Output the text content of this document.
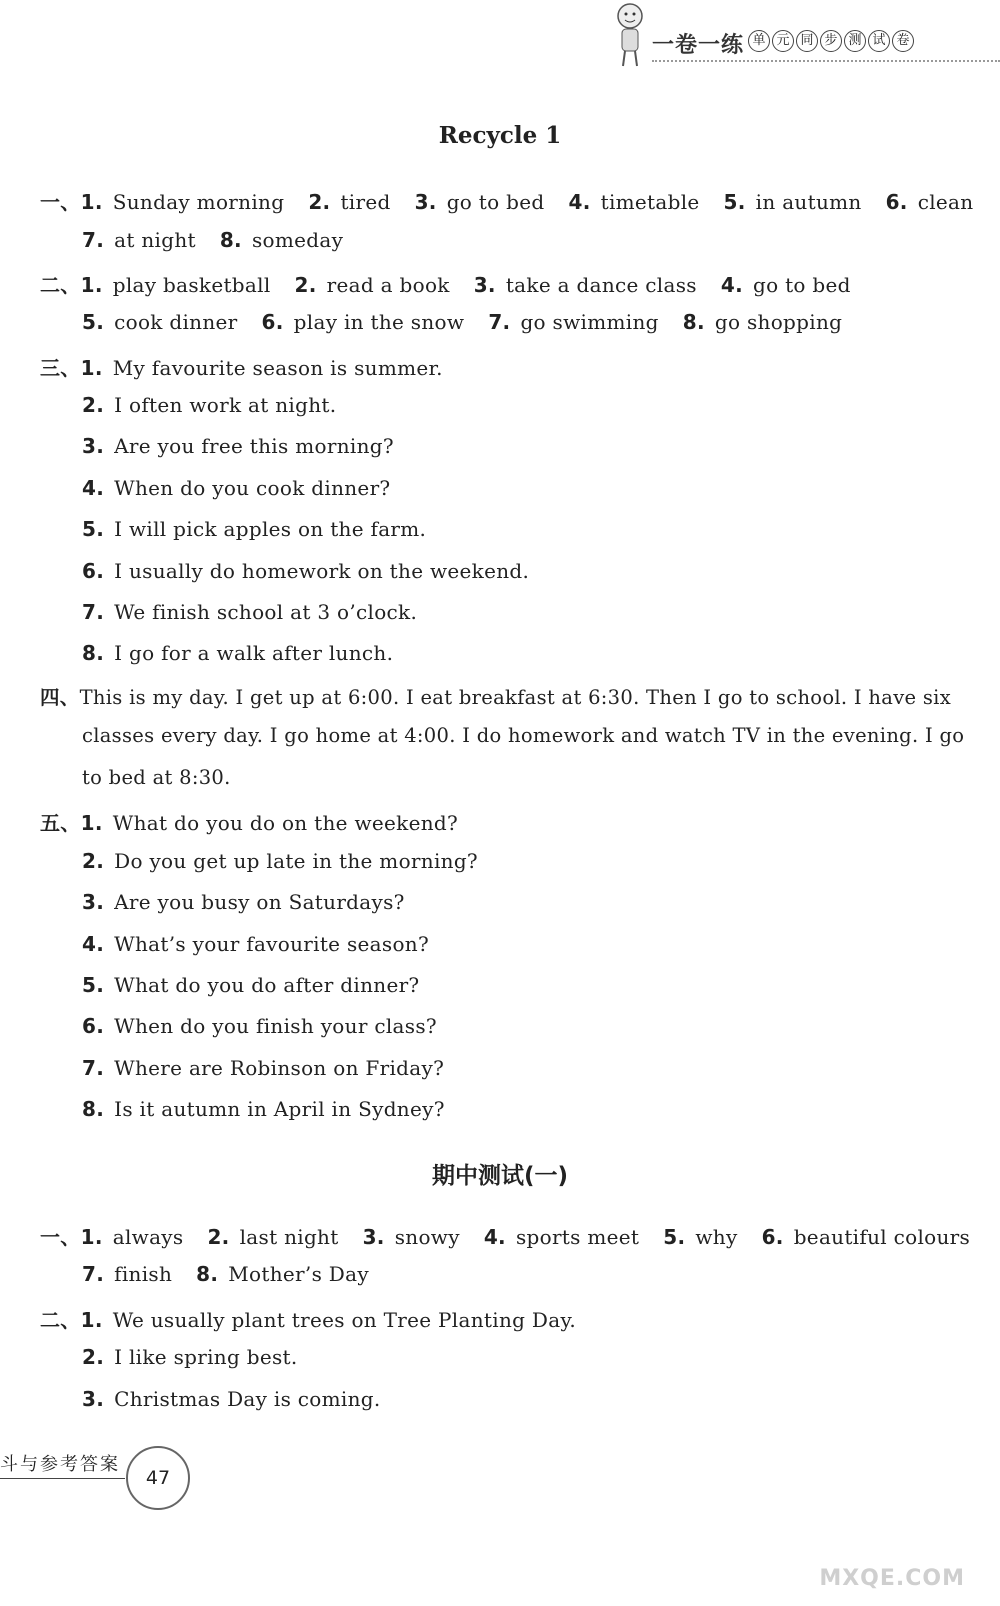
一卷一练 单 元 同 步 测 试 卷
Recycle 1
一、1. Sunday morning 2. tired 3. go to bed 4. timetable 5. in autumn 6. clean
7. at night 8. someday
二、1. play basketball 2. read a book 3. take a dance class 4. go to bed
5. cook dinner 6. play in the snow 7. go swimming 8. go shopping
三、1. My favourite season is summer.
2. I often work at night.
3. Are you free this morning?
4. When do you cook dinner?
5. I will pick apples on the farm.
6. I usually do homework on the weekend.
7. We finish school at 3 o’clock.
8. I go for a walk after lunch.
四、This is my day. I get up at 6:00. I eat breakfast at 6:30. Then I go to school. I have six
classes every day. I go home at 4:00. I do homework and watch TV in the evening. I go
to bed at 8:30.
五、1. What do you do on the weekend?
2. Do you get up late in the morning?
3. Are you busy on Saturdays?
4. What’s your favourite season?
5. What do you do after dinner?
6. When do you finish your class?
7. Where are Robinson on Friday?
8. Is it autumn in April in Sydney?
期中测试(一)
一、1. always 2. last night 3. snowy 4. sports meet 5. why 6. beautiful colours
7. finish 8. Mother’s Day
二、1. We usually plant trees on Tree Planting Day.
2. I like spring best.
3. Christmas Day is coming.
斗与参考答案
47
MXQE.COM
